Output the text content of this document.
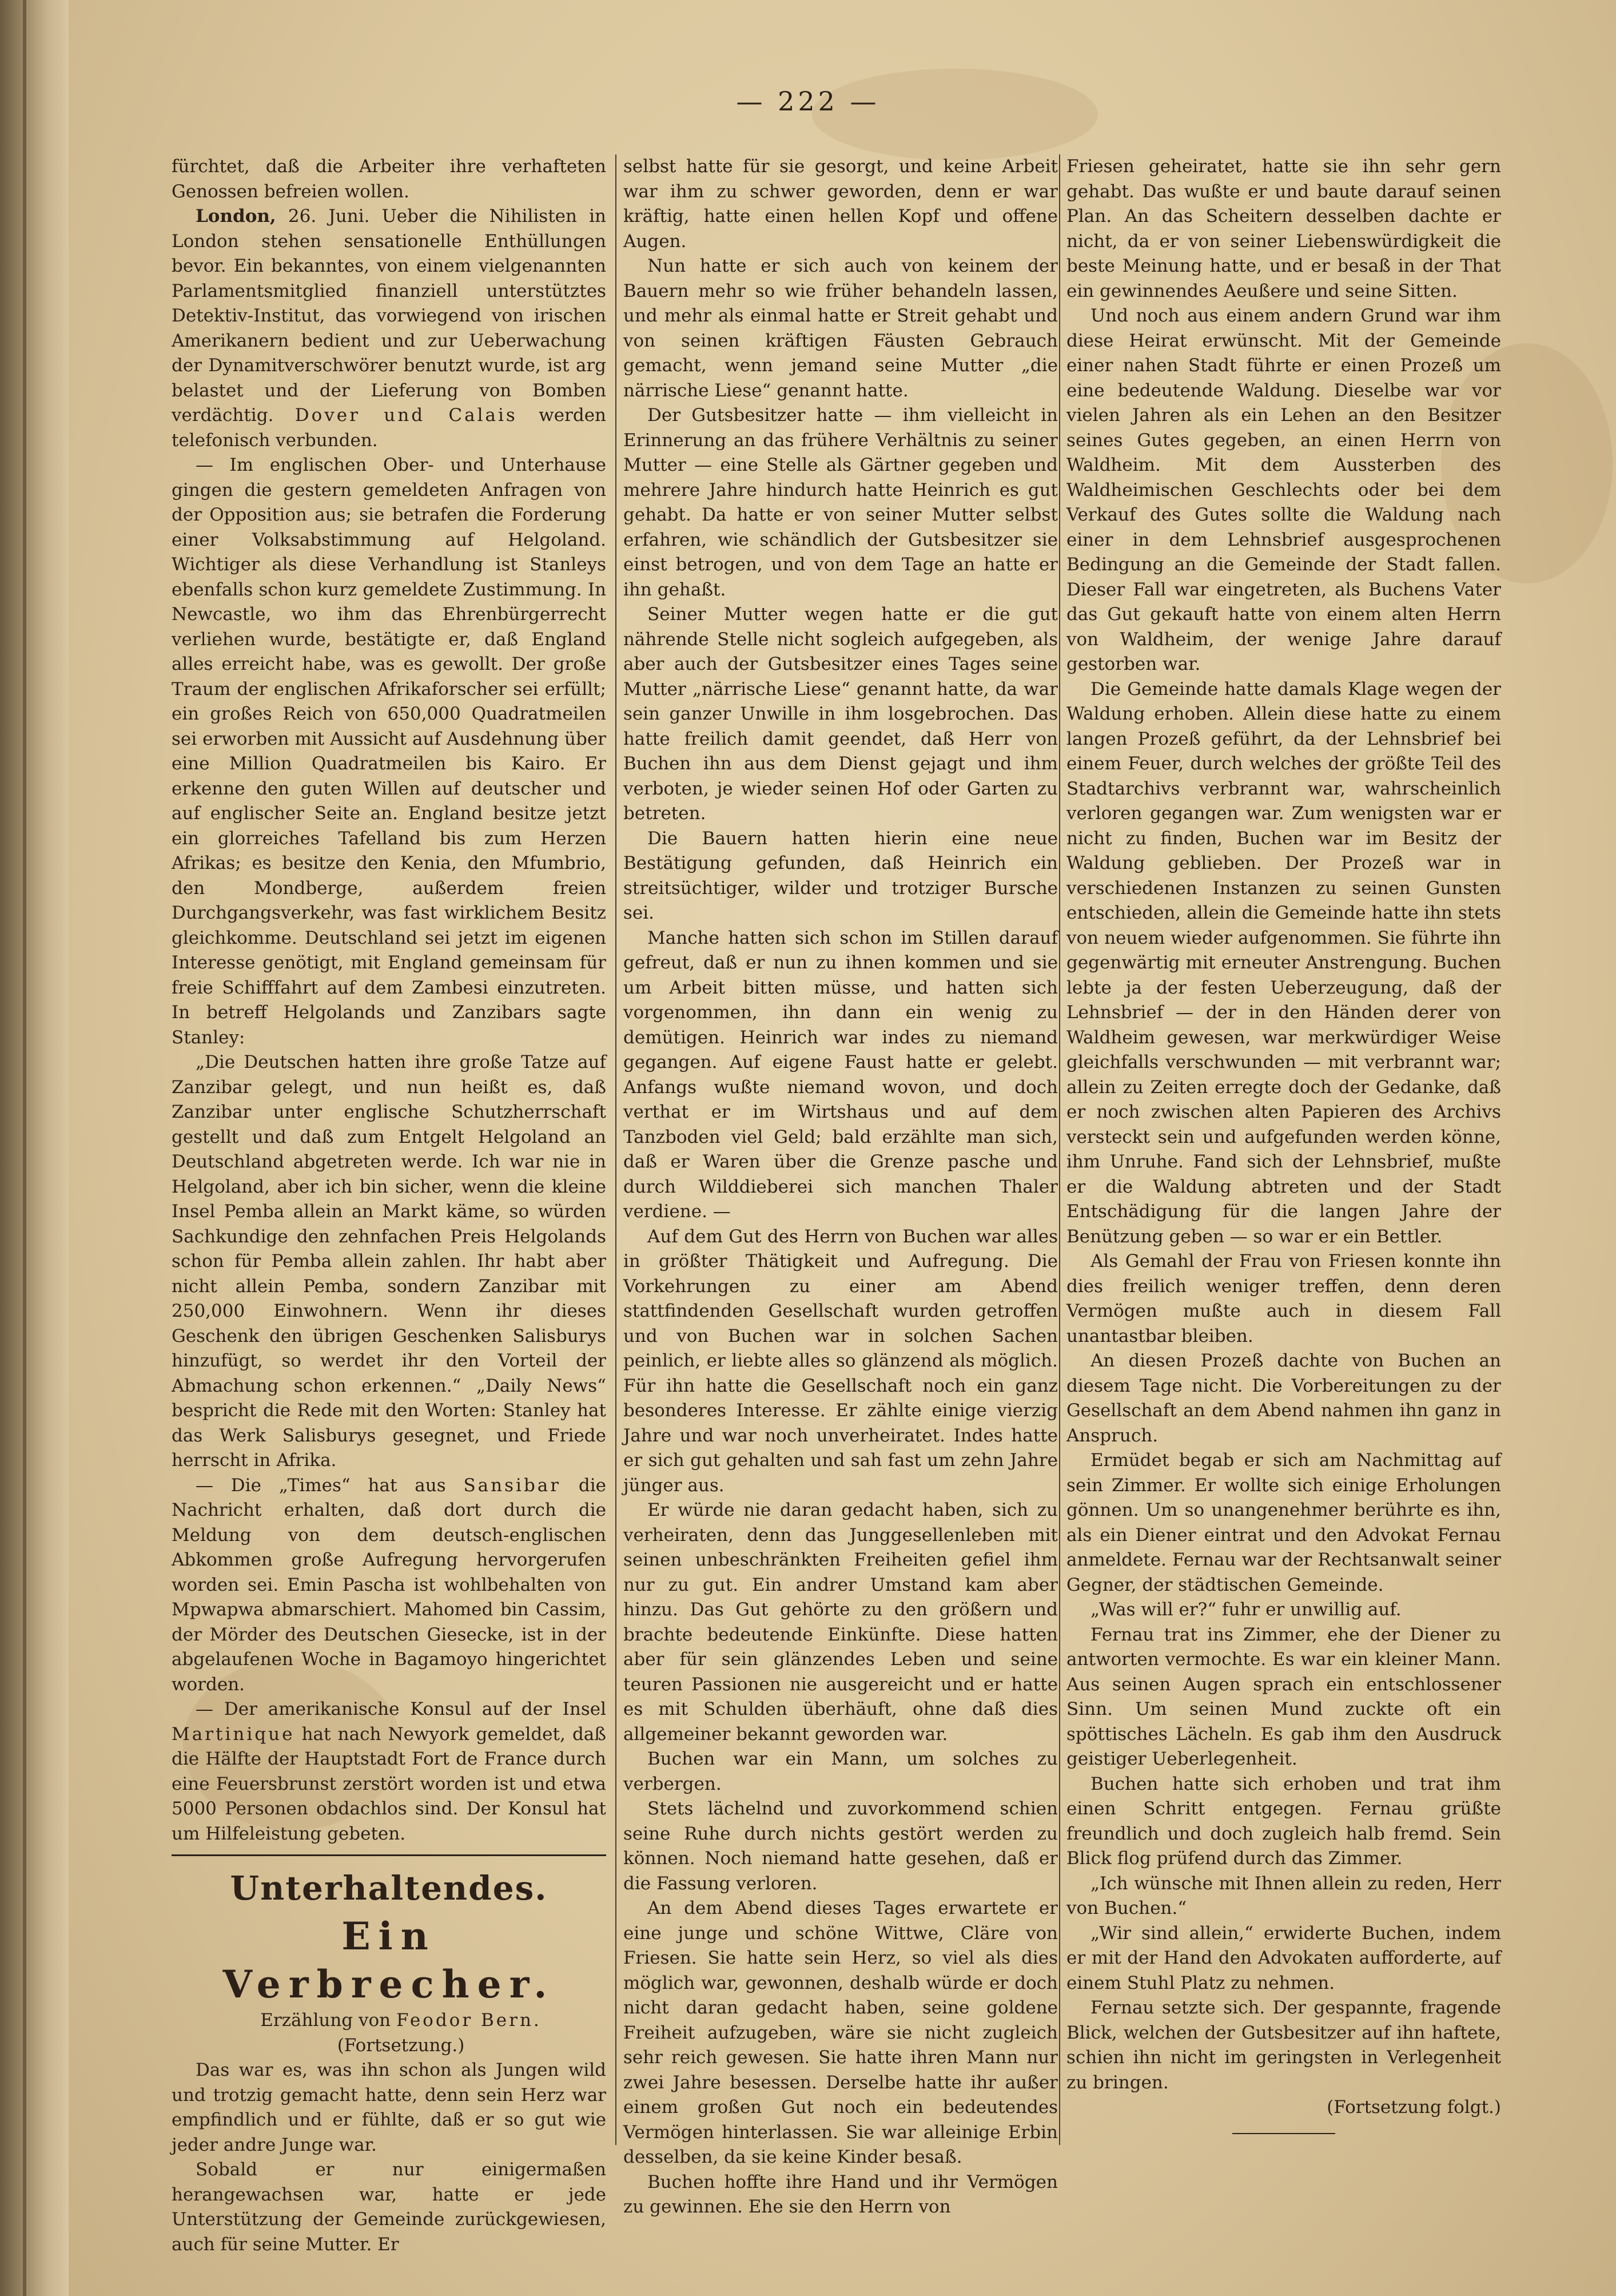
— 222 —

fürchtet, daß die Arbeiter ihre verhafteten Genossen befreien wollen.

London, 26. Juni. Ueber die Nihilisten in London stehen sensationelle Enthüllungen bevor. Ein bekanntes, von einem vielgenannten Parlamentsmitglied finanziell unterstütztes Detektiv-Institut, das vorwiegend von irischen Amerikanern bedient und zur Ueberwachung der Dynamitverschwörer benutzt wurde, ist arg belastet und der Lieferung von Bomben verdächtig. Dover und Calais werden telefonisch verbunden.

— Im englischen Ober- und Unterhause gingen die gestern gemeldeten Anfragen von der Opposition aus; sie betrafen die Forderung einer Volksabstimmung auf Helgoland. Wichtiger als diese Verhandlung ist Stanleys ebenfalls schon kurz gemeldete Zustimmung. In Newcastle, wo ihm das Ehrenbürgerrecht verliehen wurde, bestätigte er, daß England alles erreicht habe, was es gewollt. Der große Traum der englischen Afrikaforscher sei erfüllt; ein großes Reich von 650,000 Quadratmeilen sei erworben mit Aussicht auf Ausdehnung über eine Million Quadratmeilen bis Kairo. Er erkenne den guten Willen auf deutscher und auf englischer Seite an. England besitze jetzt ein glorreiches Tafelland bis zum Herzen Afrikas; es besitze den Kenia, den Mfumbrio, den Mondberge, außerdem freien Durchgangsverkehr, was fast wirklichem Besitz gleichkomme. Deutschland sei jetzt im eigenen Interesse genötigt, mit England gemeinsam für freie Schifffahrt auf dem Zambesi einzutreten. In betreff Helgolands und Zanzibars sagte Stanley:

„Die Deutschen hatten ihre große Tatze auf Zanzibar gelegt, und nun heißt es, daß Zanzibar unter englische Schutzherrschaft gestellt und daß zum Entgelt Helgoland an Deutschland abgetreten werde. Ich war nie in Helgoland, aber ich bin sicher, wenn die kleine Insel Pemba allein an Markt käme, so würden Sachkundige den zehnfachen Preis Helgolands schon für Pemba allein zahlen. Ihr habt aber nicht allein Pemba, sondern Zanzibar mit 250,000 Einwohnern. Wenn ihr dieses Geschenk den übrigen Geschenken Salisburys hinzufügt, so werdet ihr den Vorteil der Abmachung schon erkennen.“ „Daily News“ bespricht die Rede mit den Worten: Stanley hat das Werk Salisburys gesegnet, und Friede herrscht in Afrika.

— Die „Times“ hat aus Sansibar die Nachricht erhalten, daß dort durch die Meldung von dem deutsch-englischen Abkommen große Aufregung hervorgerufen worden sei. Emin Pascha ist wohlbehalten von Mpwapwa abmarschiert. Mahomed bin Cassim, der Mörder des Deutschen Giesecke, ist in der abgelaufenen Woche in Bagamoyo hingerichtet worden.

— Der amerikanische Konsul auf der Insel Martinique hat nach Newyork gemeldet, daß die Hälfte der Hauptstadt Fort de France durch eine Feuersbrunst zerstört worden ist und etwa 5000 Personen obdachlos sind. Der Konsul hat um Hilfeleistung gebeten.

Unterhaltendes.
Ein Verbrecher.

Erzählung von Feodor Bern.

(Fortsetzung.)

Das war es, was ihn schon als Jungen wild und trotzig gemacht hatte, denn sein Herz war empfindlich und er fühlte, daß er so gut wie jeder andre Junge war.

Sobald er nur einigermaßen herangewachsen war, hatte er jede Unterstützung der Gemeinde zurückgewiesen, auch für seine Mutter. Er

selbst hatte für sie gesorgt, und keine Arbeit war ihm zu schwer geworden, denn er war kräftig, hatte einen hellen Kopf und offene Augen.

Nun hatte er sich auch von keinem der Bauern mehr so wie früher behandeln lassen, und mehr als einmal hatte er Streit gehabt und von seinen kräftigen Fäusten Gebrauch gemacht, wenn jemand seine Mutter „die närrische Liese“ genannt hatte.

Der Gutsbesitzer hatte — ihm vielleicht in Erinnerung an das frühere Verhältnis zu seiner Mutter — eine Stelle als Gärtner gegeben und mehrere Jahre hindurch hatte Heinrich es gut gehabt. Da hatte er von seiner Mutter selbst erfahren, wie schändlich der Gutsbesitzer sie einst betrogen, und von dem Tage an hatte er ihn gehaßt.

Seiner Mutter wegen hatte er die gut nährende Stelle nicht sogleich aufgegeben, als aber auch der Gutsbesitzer eines Tages seine Mutter „närrische Liese“ genannt hatte, da war sein ganzer Unwille in ihm losgebrochen. Das hatte freilich damit geendet, daß Herr von Buchen ihn aus dem Dienst gejagt und ihm verboten, je wieder seinen Hof oder Garten zu betreten.

Die Bauern hatten hierin eine neue Bestätigung gefunden, daß Heinrich ein streitsüchtiger, wilder und trotziger Bursche sei.

Manche hatten sich schon im Stillen darauf gefreut, daß er nun zu ihnen kommen und sie um Arbeit bitten müsse, und hatten sich vorgenommen, ihn dann ein wenig zu demütigen. Heinrich war indes zu niemand gegangen. Auf eigene Faust hatte er gelebt. Anfangs wußte niemand wovon, und doch verthat er im Wirtshaus und auf dem Tanzboden viel Geld; bald erzählte man sich, daß er Waren über die Grenze pasche und durch Wilddieberei sich manchen Thaler verdiene. —

Auf dem Gut des Herrn von Buchen war alles in größter Thätigkeit und Aufregung. Die Vorkehrungen zu einer am Abend stattfindenden Gesellschaft wurden getroffen und von Buchen war in solchen Sachen peinlich, er liebte alles so glänzend als möglich. Für ihn hatte die Gesellschaft noch ein ganz besonderes Interesse. Er zählte einige vierzig Jahre und war noch unverheiratet. Indes hatte er sich gut gehalten und sah fast um zehn Jahre jünger aus.

Er würde nie daran gedacht haben, sich zu verheiraten, denn das Junggesellenleben mit seinen unbeschränkten Freiheiten gefiel ihm nur zu gut. Ein andrer Umstand kam aber hinzu. Das Gut gehörte zu den größern und brachte bedeutende Einkünfte. Diese hatten aber für sein glänzendes Leben und seine teuren Passionen nie ausgereicht und er hatte es mit Schulden überhäuft, ohne daß dies allgemeiner bekannt geworden war.

Buchen war ein Mann, um solches zu verbergen.

Stets lächelnd und zuvorkommend schien seine Ruhe durch nichts gestört werden zu können. Noch niemand hatte gesehen, daß er die Fassung verloren.

An dem Abend dieses Tages erwartete er eine junge und schöne Wittwe, Cläre von Friesen. Sie hatte sein Herz, so viel als dies möglich war, gewonnen, deshalb würde er doch nicht daran gedacht haben, seine goldene Freiheit aufzugeben, wäre sie nicht zugleich sehr reich gewesen. Sie hatte ihren Mann nur zwei Jahre besessen. Derselbe hatte ihr außer einem großen Gut noch ein bedeutendes Vermögen hinterlassen. Sie war alleinige Erbin desselben, da sie keine Kinder besaß.

Buchen hoffte ihre Hand und ihr Vermögen zu gewinnen. Ehe sie den Herrn von

Friesen geheiratet, hatte sie ihn sehr gern gehabt. Das wußte er und baute darauf seinen Plan. An das Scheitern desselben dachte er nicht, da er von seiner Liebenswürdigkeit die beste Meinung hatte, und er besaß in der That ein gewinnendes Aeußere und seine Sitten.

Und noch aus einem andern Grund war ihm diese Heirat erwünscht. Mit der Gemeinde einer nahen Stadt führte er einen Prozeß um eine bedeutende Waldung. Dieselbe war vor vielen Jahren als ein Lehen an den Besitzer seines Gutes gegeben, an einen Herrn von Waldheim. Mit dem Aussterben des Waldheimischen Geschlechts oder bei dem Verkauf des Gutes sollte die Waldung nach einer in dem Lehnsbrief ausgesprochenen Bedingung an die Gemeinde der Stadt fallen. Dieser Fall war eingetreten, als Buchens Vater das Gut gekauft hatte von einem alten Herrn von Waldheim, der wenige Jahre darauf gestorben war.

Die Gemeinde hatte damals Klage wegen der Waldung erhoben. Allein diese hatte zu einem langen Prozeß geführt, da der Lehnsbrief bei einem Feuer, durch welches der größte Teil des Stadtarchivs verbrannt war, wahrscheinlich verloren gegangen war. Zum wenigsten war er nicht zu finden, Buchen war im Besitz der Waldung geblieben. Der Prozeß war in verschiedenen Instanzen zu seinen Gunsten entschieden, allein die Gemeinde hatte ihn stets von neuem wieder aufgenommen. Sie führte ihn gegenwärtig mit erneuter Anstrengung. Buchen lebte ja der festen Ueberzeugung, daß der Lehnsbrief — der in den Händen derer von Waldheim gewesen, war merkwürdiger Weise gleichfalls verschwunden — mit verbrannt war; allein zu Zeiten erregte doch der Gedanke, daß er noch zwischen alten Papieren des Archivs versteckt sein und aufgefunden werden könne, ihm Unruhe. Fand sich der Lehnsbrief, mußte er die Waldung abtreten und der Stadt Entschädigung für die langen Jahre der Benützung geben — so war er ein Bettler.

Als Gemahl der Frau von Friesen konnte ihn dies freilich weniger treffen, denn deren Vermögen mußte auch in diesem Fall unantastbar bleiben.

An diesen Prozeß dachte von Buchen an diesem Tage nicht. Die Vorbereitungen zu der Gesellschaft an dem Abend nahmen ihn ganz in Anspruch.

Ermüdet begab er sich am Nachmittag auf sein Zimmer. Er wollte sich einige Erholungen gönnen. Um so unangenehmer berührte es ihn, als ein Diener eintrat und den Advokat Fernau anmeldete. Fernau war der Rechtsanwalt seiner Gegner, der städtischen Gemeinde.

„Was will er?“ fuhr er unwillig auf.

Fernau trat ins Zimmer, ehe der Diener zu antworten vermochte. Es war ein kleiner Mann. Aus seinen Augen sprach ein entschlossener Sinn. Um seinen Mund zuckte oft ein spöttisches Lächeln. Es gab ihm den Ausdruck geistiger Ueberlegenheit.

Buchen hatte sich erhoben und trat ihm einen Schritt entgegen. Fernau grüßte freundlich und doch zugleich halb fremd. Sein Blick flog prüfend durch das Zimmer.

„Ich wünsche mit Ihnen allein zu reden, Herr von Buchen.“

„Wir sind allein,“ erwiderte Buchen, indem er mit der Hand den Advokaten aufforderte, auf einem Stuhl Platz zu nehmen.

Fernau setzte sich. Der gespannte, fragende Blick, welchen der Gutsbesitzer auf ihn haftete, schien ihn nicht im geringsten in Verlegenheit zu bringen.

(Fortsetzung folgt.)
